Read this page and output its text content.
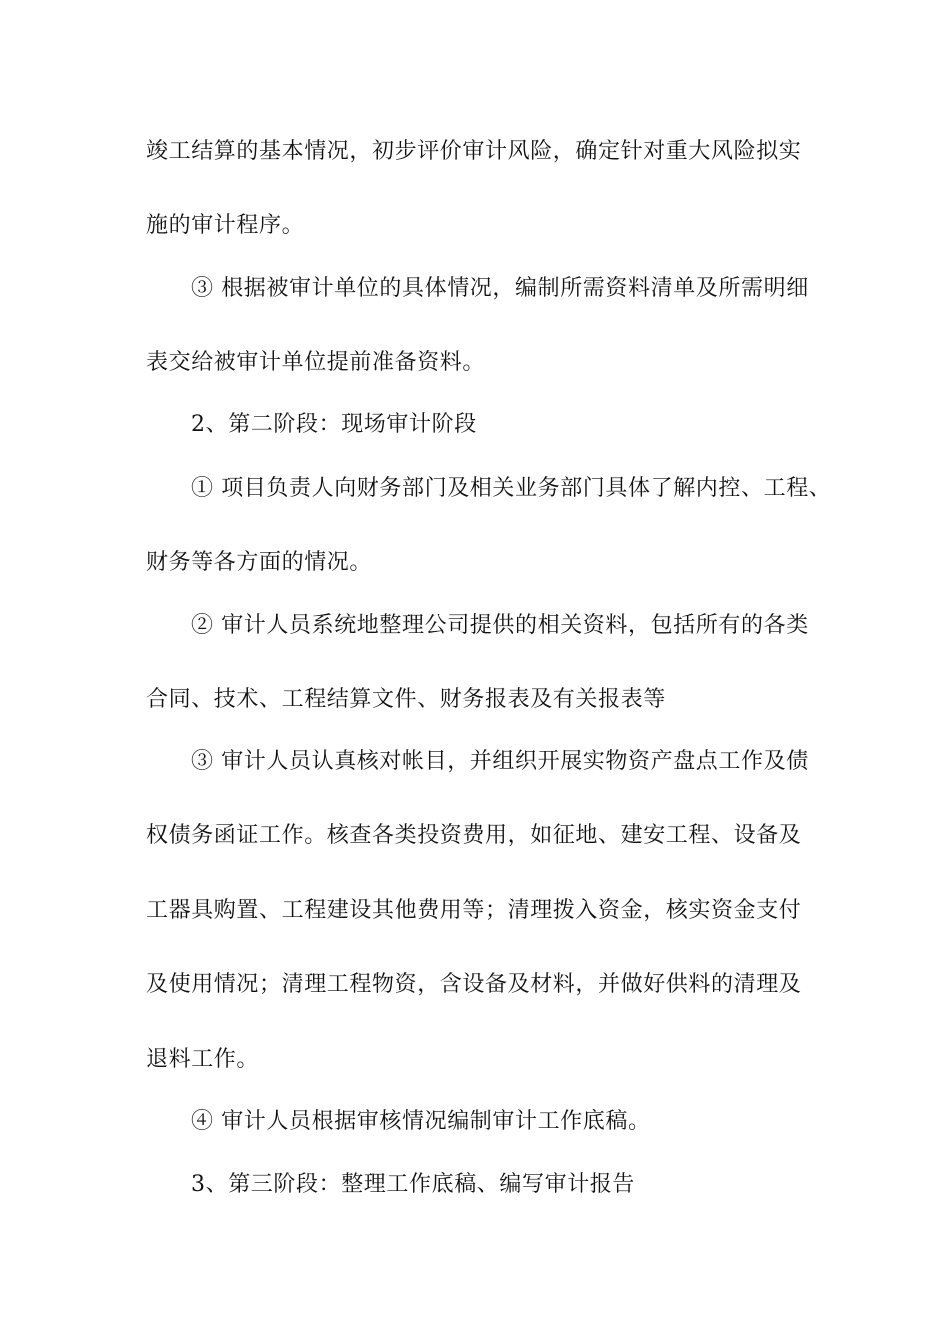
竣工结算的基本情况，初步评价审计风险，确定针对重大风险拟实
施的审计程序。
③ 根据被审计单位的具体情况，编制所需资料清单及所需明细
表交给被审计单位提前准备资料。
2、第二阶段：现场审计阶段
① 项目负责人向财务部门及相关业务部门具体了解内控、工程、
财务等各方面的情况。
② 审计人员系统地整理公司提供的相关资料，包括所有的各类
合同、技术、工程结算文件、财务报表及有关报表等
③ 审计人员认真核对帐目，并组织开展实物资产盘点工作及债
权债务函证工作。核查各类投资费用，如征地、建安工程、设备及
工器具购置、工程建设其他费用等；清理拨入资金，核实资金支付
及使用情况；清理工程物资，含设备及材料，并做好供料的清理及
退料工作。
④ 审计人员根据审核情况编制审计工作底稿。
3、第三阶段：整理工作底稿、编写审计报告
